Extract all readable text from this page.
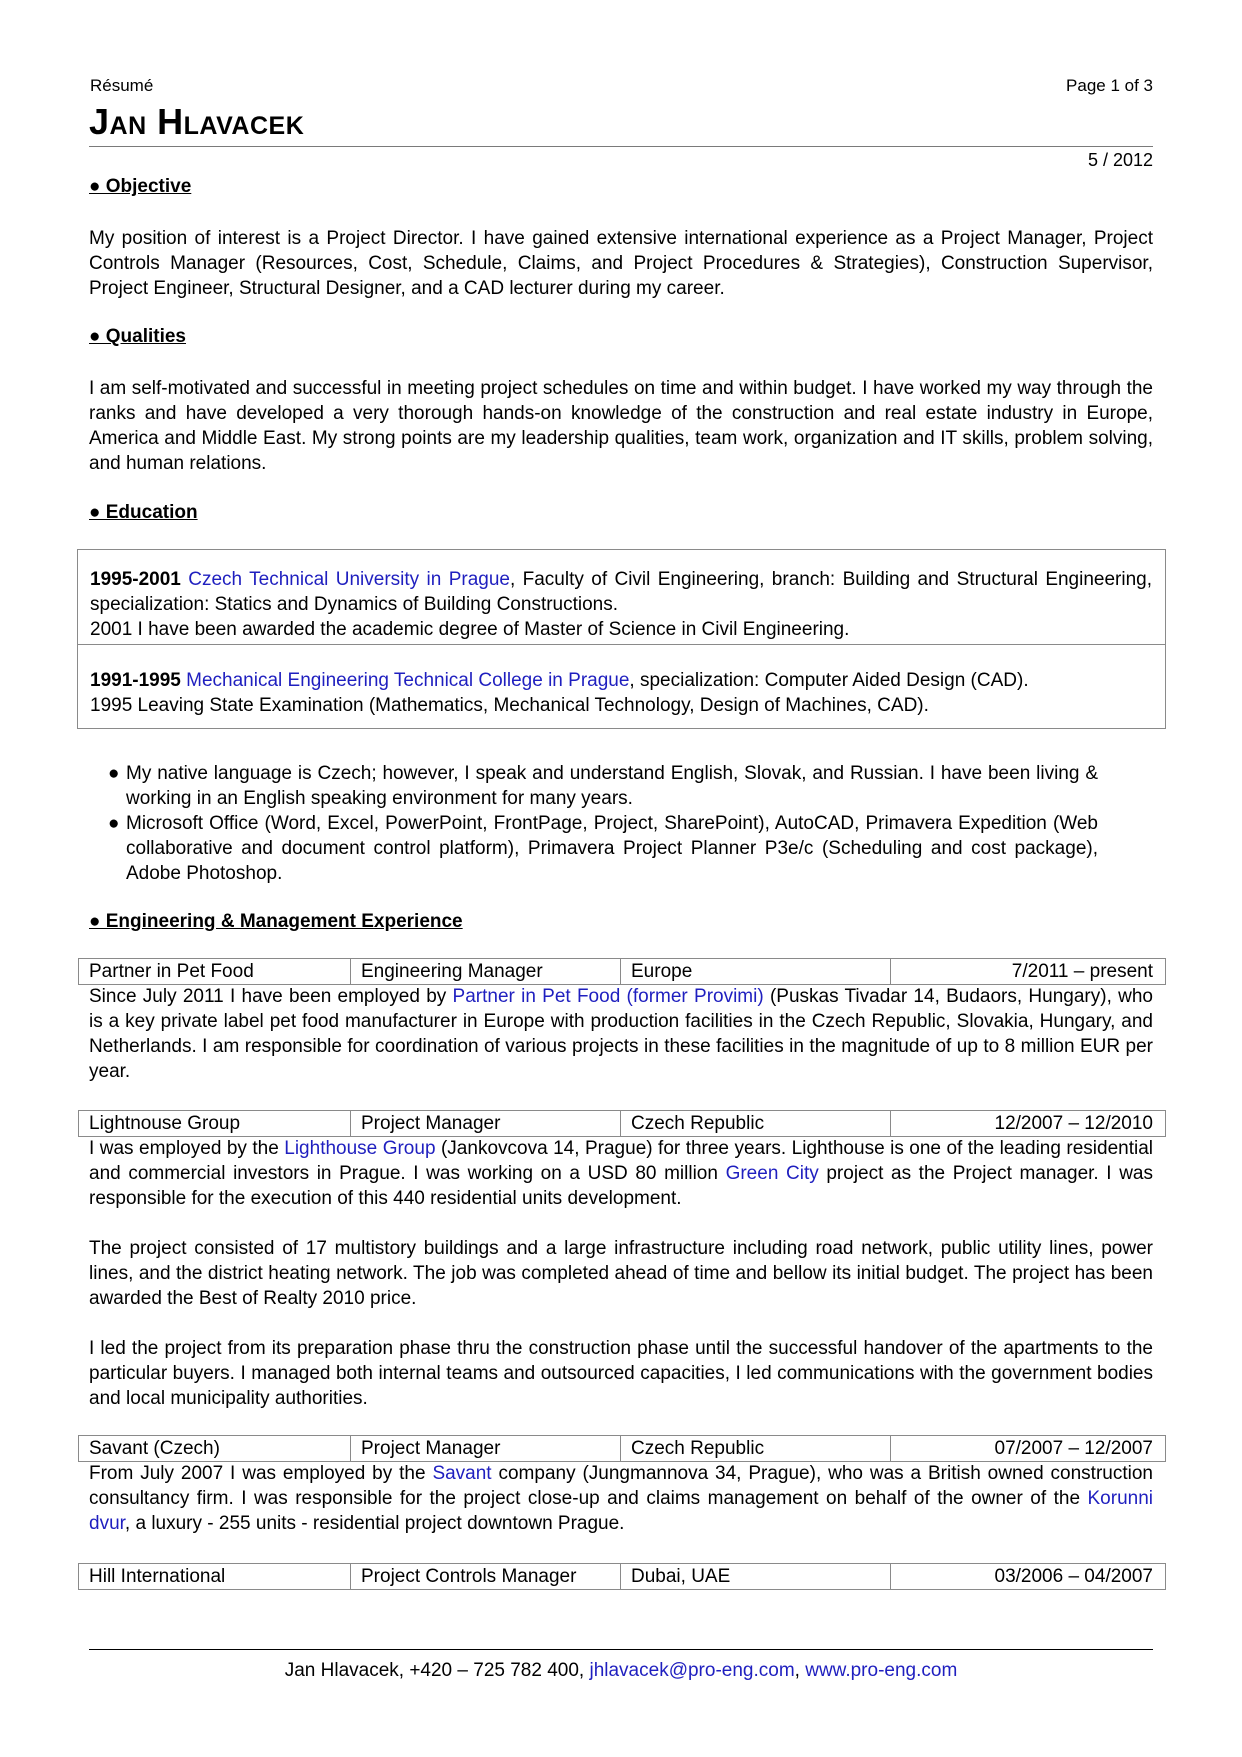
Résumé	Page 1 of 3
Jan Hlavacek
5 / 2012
● Objective
My position of interest is a Project Director. I have gained extensive international experience as a Project Manager, Project Controls Manager (Resources, Cost, Schedule, Claims, and Project Procedures & Strategies), Construction Supervisor, Project Engineer, Structural Designer, and a CAD lecturer during my career.
● Qualities
I am self-motivated and successful in meeting project schedules on time and within budget. I have worked my way through the ranks and have developed a very thorough hands-on knowledge of the construction and real estate industry in Europe, America and Middle East. My strong points are my leadership qualities, team work, organization and IT skills, problem solving, and human relations.
● Education
1995-2001 Czech Technical University in Prague, Faculty of Civil Engineering, branch: Building and Structural Engineering, specialization: Statics and Dynamics of Building Constructions.
2001 I have been awarded the academic degree of Master of Science in Civil Engineering.
1991-1995 Mechanical Engineering Technical College in Prague, specialization: Computer Aided Design (CAD).
1995 Leaving State Examination (Mathematics, Mechanical Technology, Design of Machines, CAD).
● My native language is Czech; however, I speak and understand English, Slovak, and Russian. I have been living & working in an English speaking environment for many years.
● Microsoft Office (Word, Excel, PowerPoint, FrontPage, Project, SharePoint), AutoCAD, Primavera Expedition (Web collaborative and document control platform), Primavera Project Planner P3e/c (Scheduling and cost package), Adobe Photoshop.
● Engineering & Management Experience
Partner in Pet Food	Engineering Manager	Europe	7/2011 – present
Since July 2011 I have been employed by Partner in Pet Food (former Provimi) (Puskas Tivadar 14, Budaors, Hungary), who is a key private label pet food manufacturer in Europe with production facilities in the Czech Republic, Slovakia, Hungary, and Netherlands. I am responsible for coordination of various projects in these facilities in the magnitude of up to 8 million EUR per year.
Lightnouse Group	Project Manager	Czech Republic	12/2007 – 12/2010
I was employed by the Lighthouse Group (Jankovcova 14, Prague) for three years. Lighthouse is one of the leading residential and commercial investors in Prague. I was working on a USD 80 million Green City project as the Project manager. I was responsible for the execution of this 440 residential units development.
The project consisted of 17 multistory buildings and a large infrastructure including road network, public utility lines, power lines, and the district heating network. The job was completed ahead of time and bellow its initial budget. The project has been awarded the Best of Realty 2010 price.
I led the project from its preparation phase thru the construction phase until the successful handover of the apartments to the particular buyers. I managed both internal teams and outsourced capacities, I led communications with the government bodies and local municipality authorities.
Savant (Czech)	Project Manager	Czech Republic	07/2007 – 12/2007
From July 2007 I was employed by the Savant company (Jungmannova 34, Prague), who was a British owned construction consultancy firm. I was responsible for the project close-up and claims management on behalf of the owner of the Korunni dvur, a luxury - 255 units - residential project downtown Prague.
Hill International	Project Controls Manager	Dubai, UAE	03/2006 – 04/2007
Jan Hlavacek, +420 – 725 782 400, jhlavacek@pro-eng.com, www.pro-eng.com
